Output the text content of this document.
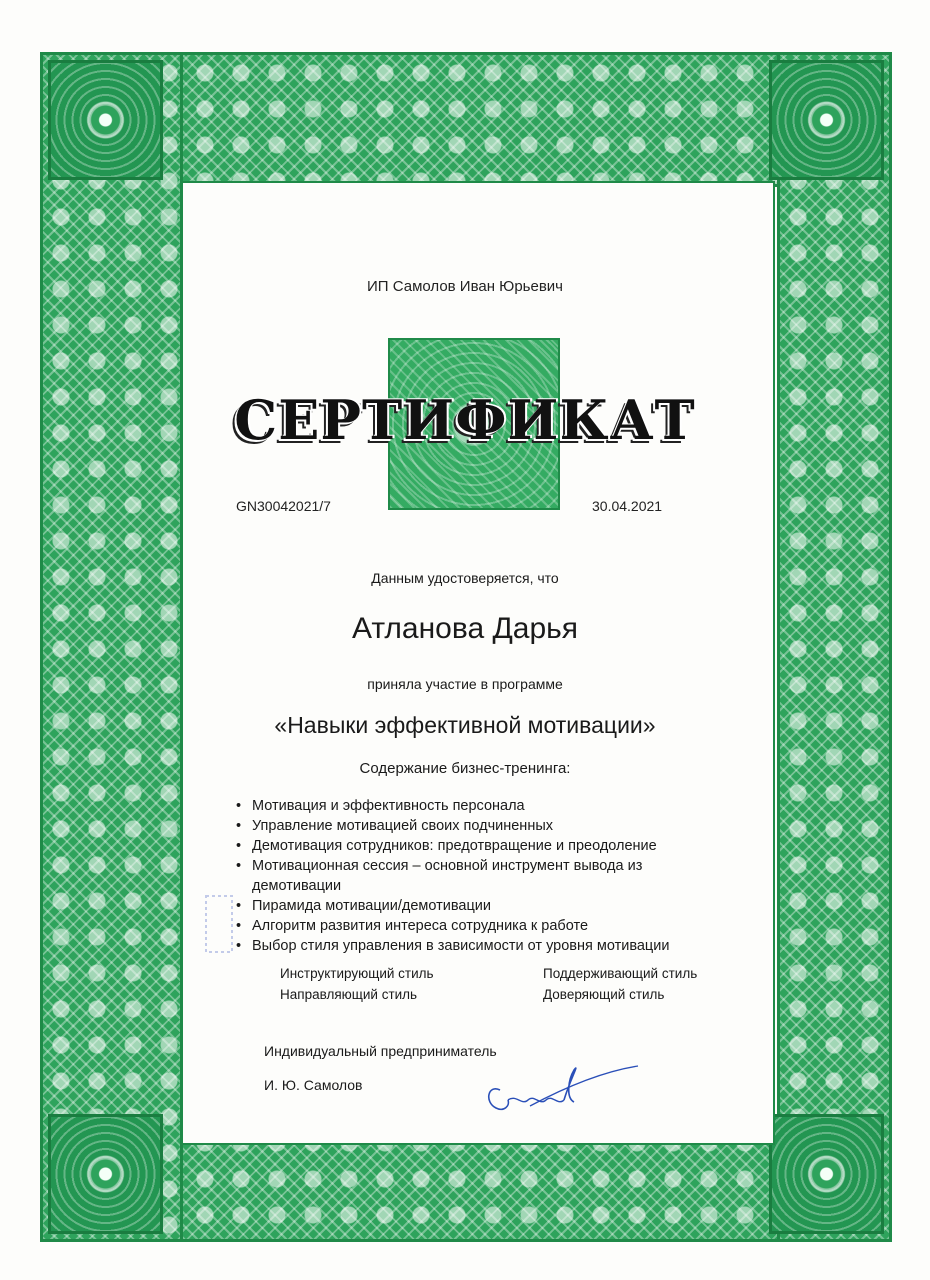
ИП Самолов Иван Юрьевич
СЕРТИФИКАТ
GN30042021/7	30.04.2021
Данным удостоверяется, что
Атланова Дарья
приняла участие в программе
«Навыки эффективной мотивации»
Содержание бизнес-тренинга:
• Мотивация и эффективность персонала
• Управление мотивацией своих подчиненных
• Демотивация сотрудников: предотвращение и преодоление
• Мотивационная сессия – основной инструмент вывода из
демотивации
• Пирамида мотивации/демотивации
• Алгоритм развития интереса сотрудника к работе
• Выбор стиля управления в зависимости от уровня мотивации
Инструктирующий стиль
Направляющий стиль
Поддерживающий стиль
Доверяющий стиль
Индивидуальный предприниматель
И. Ю. Самолов
